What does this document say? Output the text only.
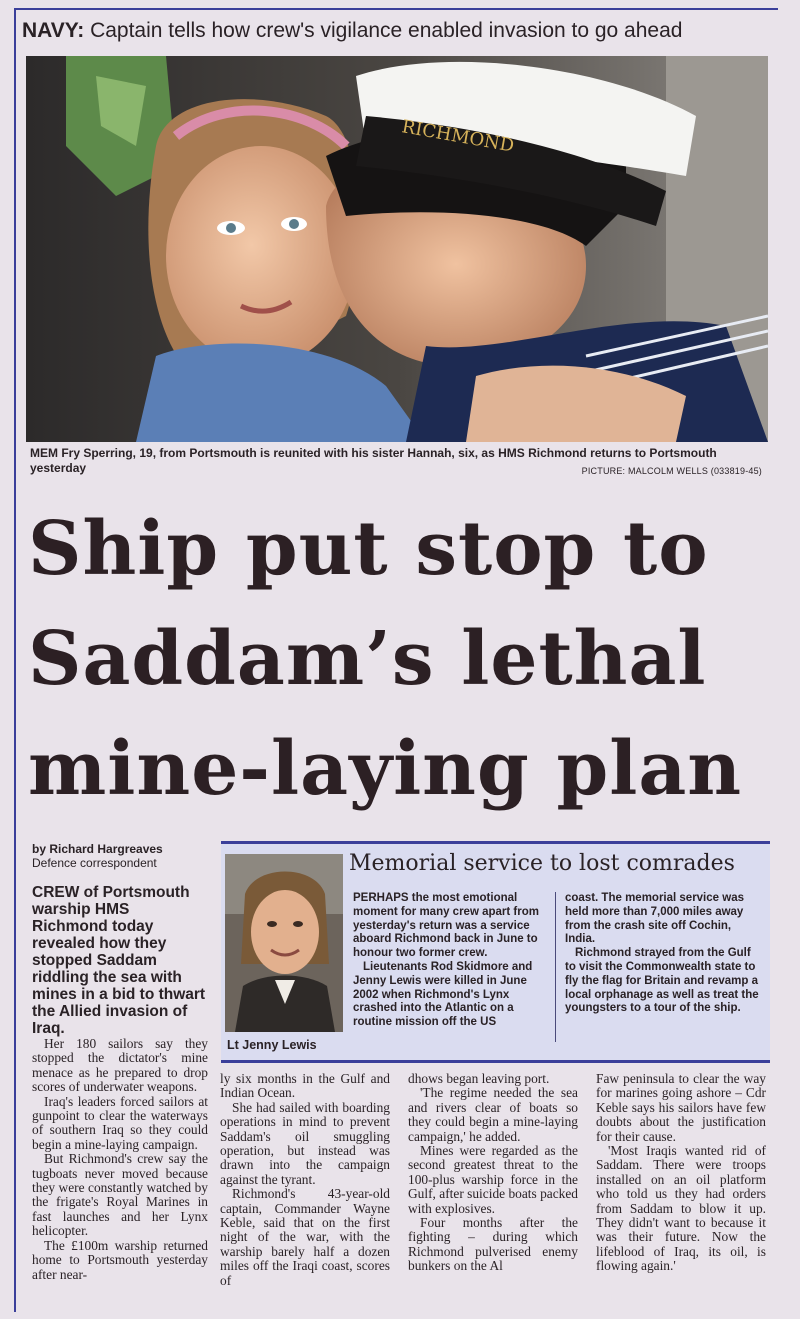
NAVY: Captain tells how crew's vigilance enabled invasion to go ahead
RICHMOND
MEM Fry Sperring, 19, from Portsmouth is reunited with his sister Hannah, six, as HMS Richmond returns to Portsmouth yesterday	PICTURE: MALCOLM WELLS (033819-45)
Ship put stop to
Saddam’s lethal
mine-laying plan
by Richard Hargreaves
Defence correspondent

CREW of Portsmouth warship HMS Richmond today revealed how they stopped Saddam riddling the sea with mines in a bid to thwart the Allied invasion of Iraq.

Her 180 sailors say they stopped the dictator's mine menace as he prepared to drop scores of underwater weapons.

Iraq's leaders forced sailors at gunpoint to clear the waterways of southern Iraq so they could begin a mine-laying campaign.

But Richmond's crew say the tugboats never moved because they were constantly watched by the frigate's Royal Marines in fast launches and her Lynx helicopter.

The £100m warship returned home to Portsmouth yesterday after near-

Lt Jenny Lewis
Memorial service to lost comrades

PERHAPS the most emotional moment for many crew apart from yesterday's return was a service aboard Richmond back in June to honour two former crew.

Lieutenants Rod Skidmore and Jenny Lewis were killed in June 2002 when Richmond's Lynx crashed into the Atlantic on a routine mission off the US

coast. The memorial service was held more than 7,000 miles away from the crash site off Cochin, India.

Richmond strayed from the Gulf to visit the Commonwealth state to fly the flag for Britain and revamp a local orphanage as well as treat the youngsters to a tour of the ship.

ly six months in the Gulf and Indian Ocean.

She had sailed with boarding operations in mind to prevent Saddam's oil smuggling operation, but instead was drawn into the campaign against the tyrant.

Richmond's 43-year-old captain, Commander Wayne Keble, said that on the first night of the war, with the warship barely half a dozen miles off the Iraqi coast, scores of

dhows began leaving port.

'The regime needed the sea and rivers clear of boats so they could begin a mine-laying campaign,' he added.

Mines were regarded as the second greatest threat to the 100-plus warship force in the Gulf, after suicide boats packed with explosives.

Four months after the fighting – during which Richmond pulverised enemy bunkers on the Al

Faw peninsula to clear the way for marines going ashore – Cdr Keble says his sailors have few doubts about the justification for their cause.

'Most Iraqis wanted rid of Saddam. There were troops installed on an oil platform who told us they had orders from Saddam to blow it up. They didn't want to because it was their future. Now the lifeblood of Iraq, its oil, is flowing again.'
